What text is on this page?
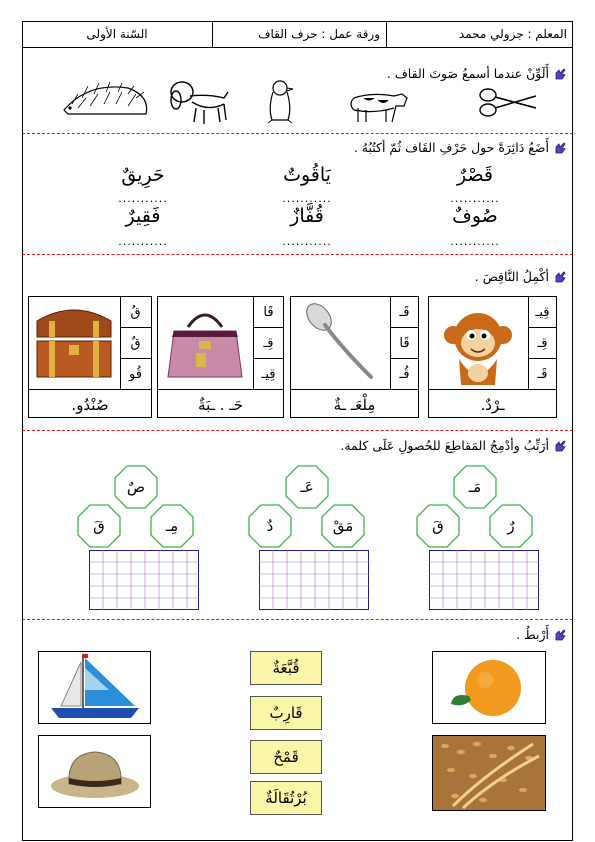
المعلم : جزولي محمد
ورقة عمل : حرف القاف
السّنة الأولى
أَلَوِّنْ عندما أسمعُ صَوتَ القاف .
أَضَعُ دَائِرَةً حول حَرْفِ القَاف ثُمّ أكتُبُهُ .
قَصْرٌ
يَاقُوتٌ
حَرِيقٌ
...........
...........
...........
صُوفٌ
قُفَّازٌ
فَقِيرٌ
...........
...........
...........
أكْمِلُ النَّاقِصَ .
قِيـ
قِـ
قَـ
ـرْدٌ.
قَـ
قَا
قُـ
مِلْعَـ ـةٌ
قَا
قِـ
قِيـ
حَـ . ـبَةٌ
قُ
قٌ
قُو
صُنْدُو.
أرَتِّبُ وأدْمِجُ المَقاطِعَ للحُصولِ عَلَى كلمة.
مَـ
قَ	رٌ
عَـ
دٌ	مَقْ
صٌ
قَ	مِـ
أَرْبطُ .
قُبَّعَةٌ
قَارِبٌ
قَمْحٌ
بُرْتُقَالَةٌ
